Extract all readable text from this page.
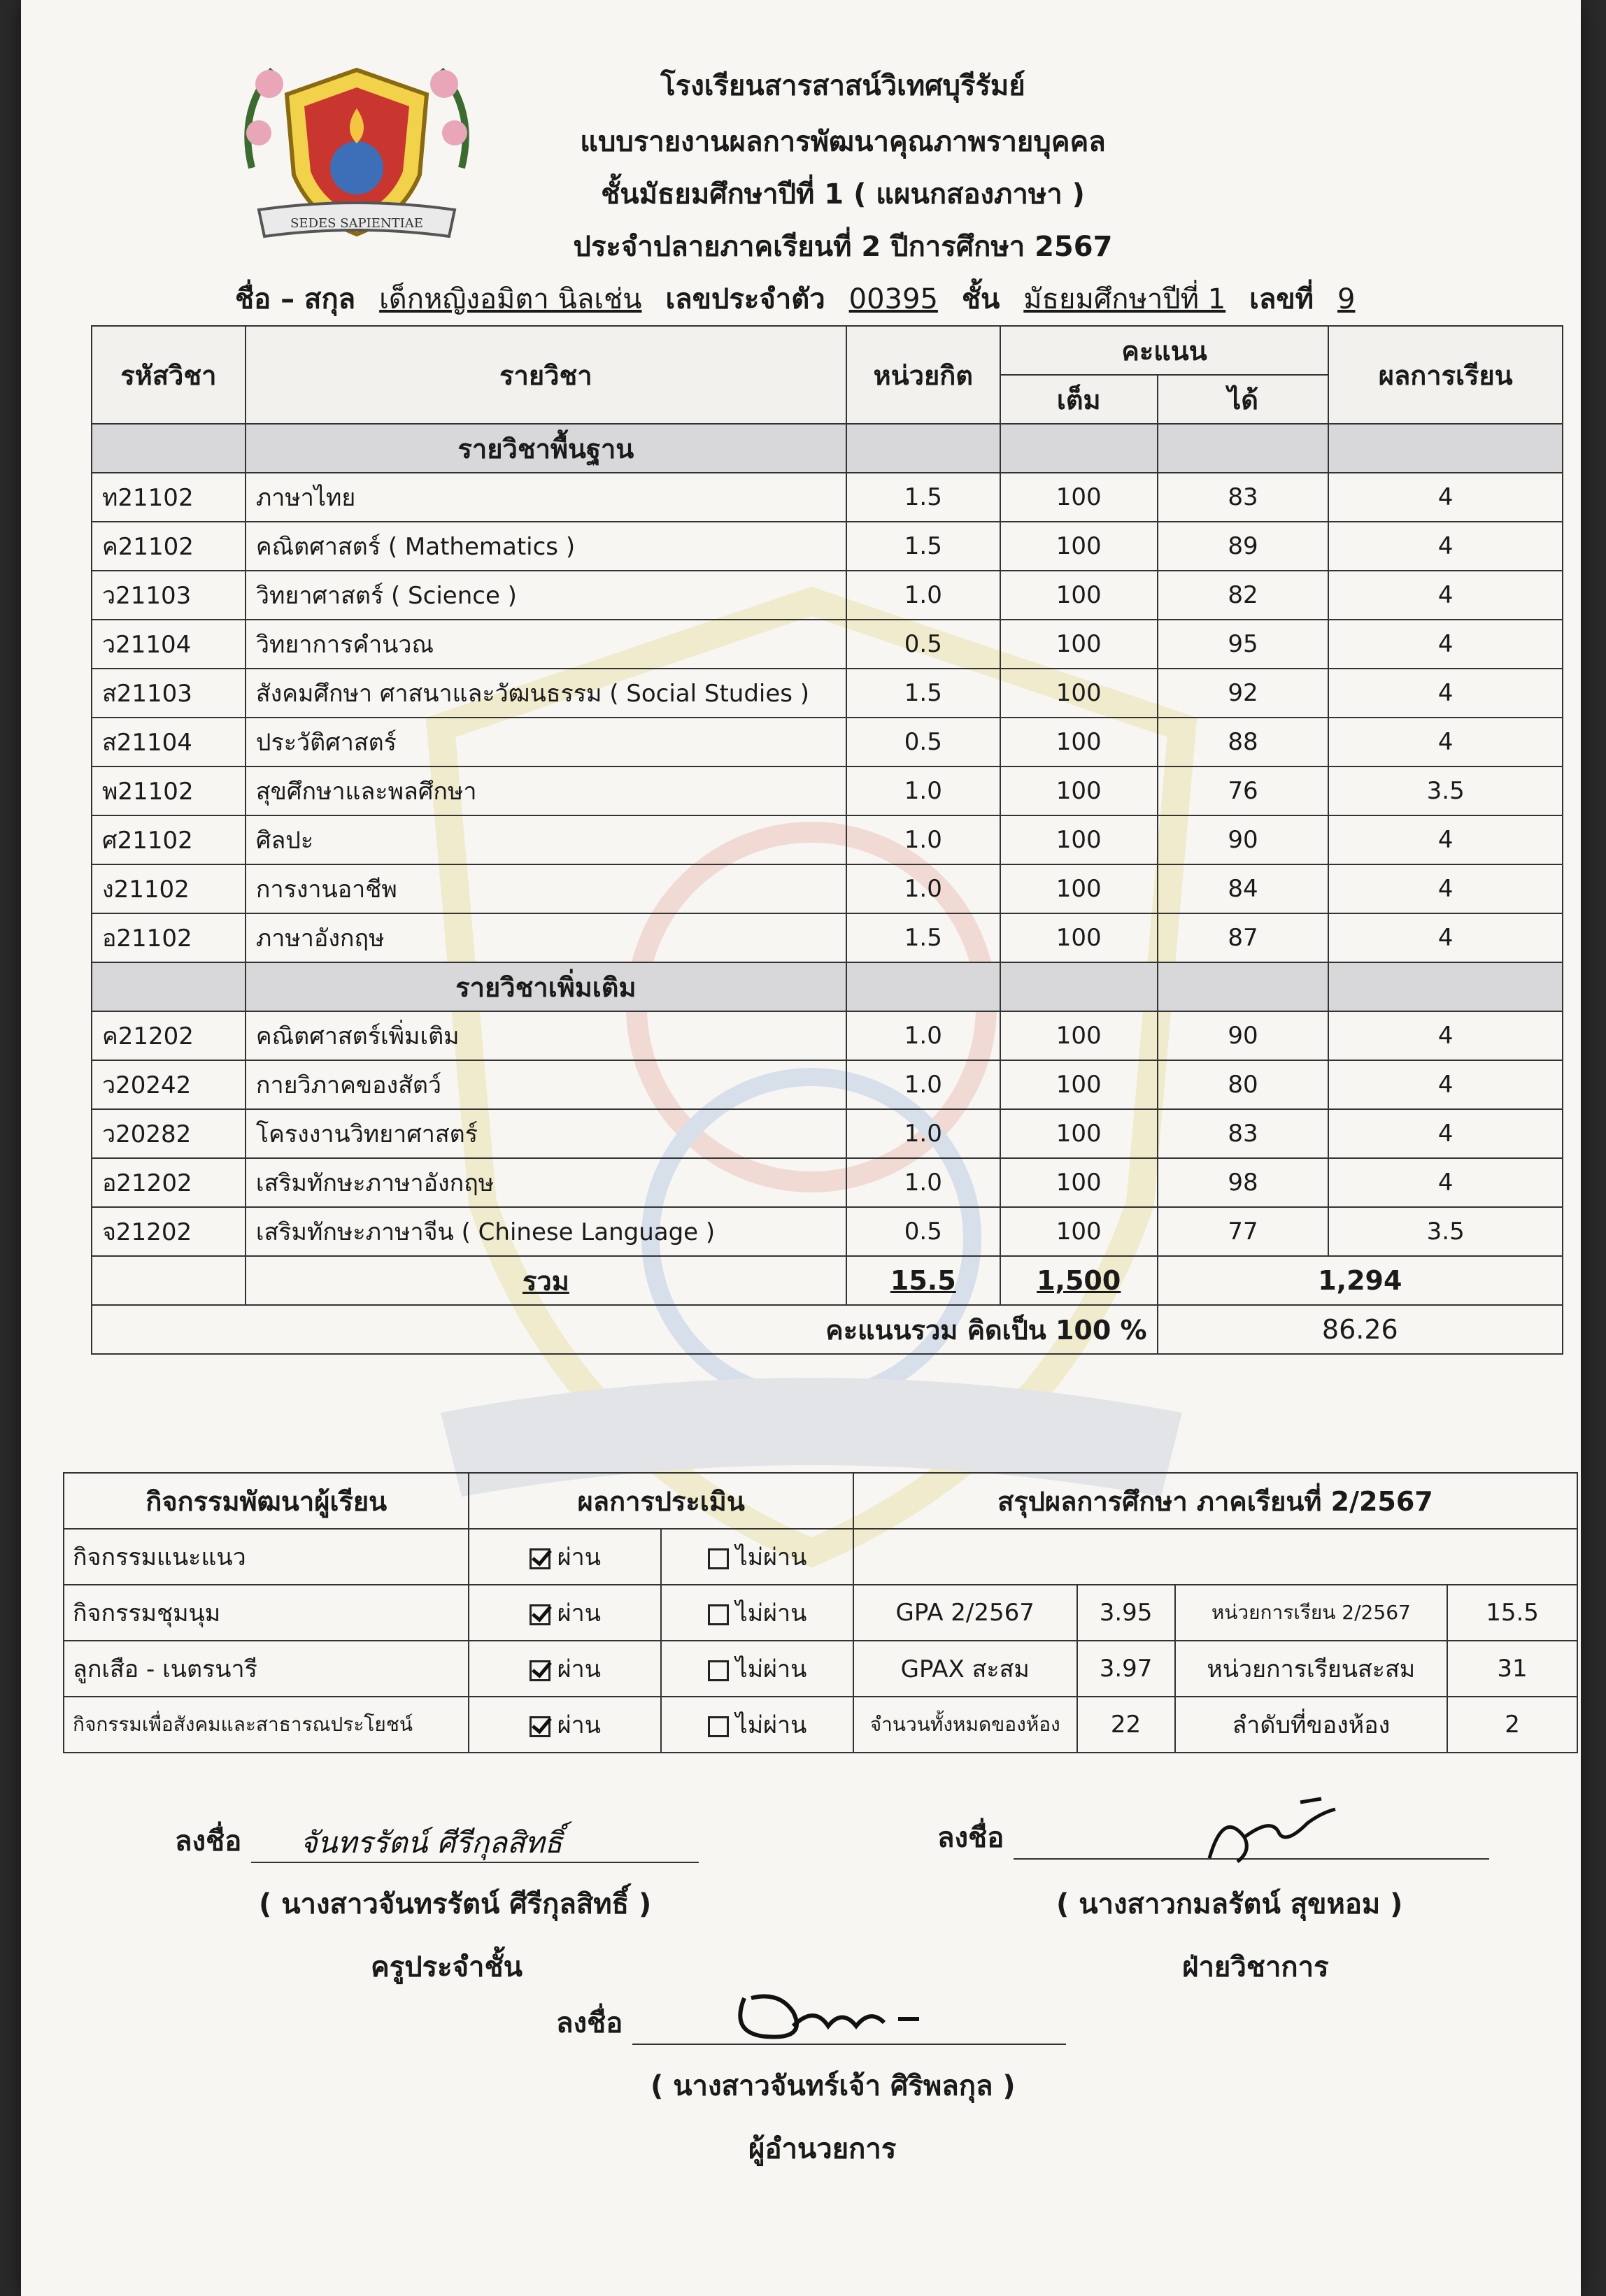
SEDES SAPIENTIAE
โรงเรียนสารสาสน์วิเทศบุรีรัมย์
แบบรายงานผลการพัฒนาคุณภาพรายบุคคล
ชั้นมัธยมศึกษาปีที่ 1 ( แผนกสองภาษา )
ประจำปลายภาคเรียนที่ 2 ปีการศึกษา 2567
ชื่อ – สกุล เด็กหญิงอมิตา นิลเช่น เลขประจำตัว 00395 ชั้น มัธยมศึกษาปีที่ 1 เลขที่ 9
รหัสวิชา	รายวิชา	หน่วยกิต	คะแนน		ผลการเรียน
			เต็ม	ได้	
	รายวิชาพื้นฐาน				
ท21102	ภาษาไทย	1.5	100	83	4
ค21102	คณิตศาสตร์ ( Mathematics )	1.5	100	89	4
ว21103	วิทยาศาสตร์ ( Science )	1.0	100	82	4
ว21104	วิทยาการคำนวณ	0.5	100	95	4
ส21103	สังคมศึกษา ศาสนาและวัฒนธรรม ( Social Studies )	1.5	100	92	4
ส21104	ประวัติศาสตร์	0.5	100	88	4
พ21102	สุขศึกษาและพลศึกษา	1.0	100	76	3.5
ศ21102	ศิลปะ	1.0	100	90	4
ง21102	การงานอาชีพ	1.0	100	84	4
อ21102	ภาษาอังกฤษ	1.5	100	87	4
	รายวิชาเพิ่มเติม				
ค21202	คณิตศาสตร์เพิ่มเติม	1.0	100	90	4
ว20242	กายวิภาคของสัตว์	1.0	100	80	4
ว20282	โครงงานวิทยาศาสตร์	1.0	100	83	4
อ21202	เสริมทักษะภาษาอังกฤษ	1.0	100	98	4
จ21202	เสริมทักษะภาษาจีน ( Chinese Language )	0.5	100	77	3.5
	รวม	15.5	1,500	1,294	
คะแนนรวม คิดเป็น 100 %				86.26	
กิจกรรมพัฒนาผู้เรียน	ผลการประเมิน		สรุปผลการศึกษา ภาคเรียนที่ 2/2567			

กิจกรรมแนะแนว	ผ่าน	ไม่ผ่าน				
กิจกรรมชุมนุม	ผ่าน	ไม่ผ่าน	GPA 2/2567	3.95	หน่วยการเรียน 2/2567	15.5
ลูกเสือ - เนตรนารี	ผ่าน	ไม่ผ่าน	GPAX สะสม	3.97	หน่วยการเรียนสะสม	31
กิจกรรมเพื่อสังคมและสาธารณประโยชน์	ผ่าน	ไม่ผ่าน	จำนวนทั้งหมดของห้อง	22	ลำดับที่ของห้อง	2
ลงชื่อ จันทรรัตน์ ศีรีกุลสิทธิ์
( นางสาวจันทรรัตน์ ศีรีกุลสิทธิ์ )
ครูประจำชั้น
ลงชื่อ
( นางสาวกมลรัตน์ สุขหอม )
ฝ่ายวิชาการ
ลงชื่อ
( นางสาวจันทร์เจ้า ศิริพลกุล )
ผู้อำนวยการ
